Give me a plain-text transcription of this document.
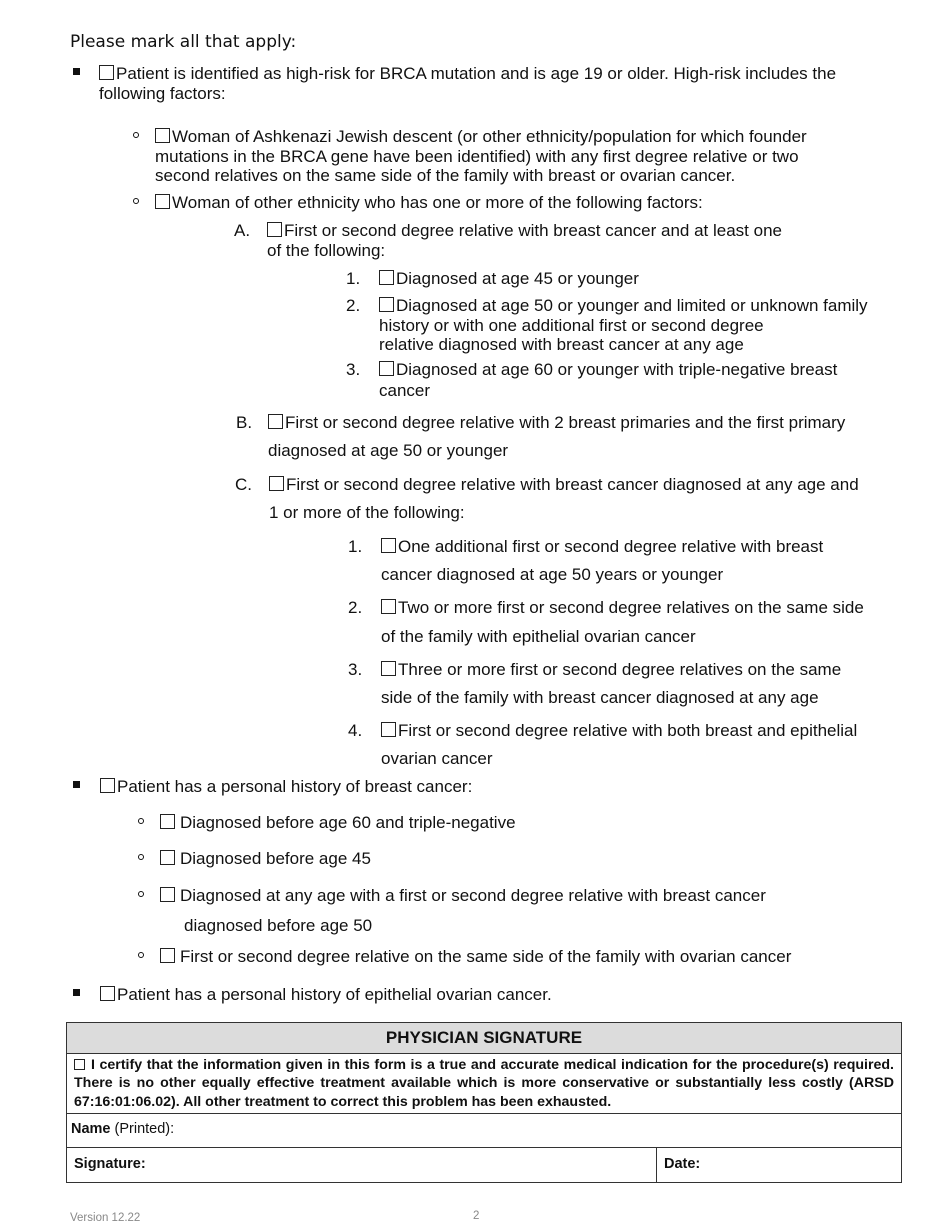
Please mark all that apply:
Patient is identified as high-risk for BRCA mutation and is age 19 or older. High-risk includes the
following factors:
Woman of Ashkenazi Jewish descent (or other ethnicity/population for which founder
mutations in the BRCA gene have been identified) with any first degree relative or two
second relatives on the same side of the family with breast or ovarian cancer.
Woman of other ethnicity who has one or more of the following factors:
A.	First or second degree relative with breast cancer and at least one
of the following:
1.	Diagnosed at age 45 or younger
2.	Diagnosed at age 50 or younger and limited or unknown family
history or with one additional first or second degree
relative diagnosed with breast cancer at any age
3.	Diagnosed at age 60 or younger with triple-negative breast
cancer
B.	First or second degree relative with 2 breast primaries and the first primary
diagnosed at age 50 or younger
C.	First or second degree relative with breast cancer diagnosed at any age and
1 or more of the following:
1.	One additional first or second degree relative with breast
cancer diagnosed at age 50 years or younger
2.	Two or more first or second degree relatives on the same side
of the family with epithelial ovarian cancer
3.	Three or more first or second degree relatives on the same
side of the family with breast cancer diagnosed at any age
4.	First or second degree relative with both breast and epithelial
ovarian cancer
Patient has a personal history of breast cancer:
Diagnosed before age 60 and triple-negative
Diagnosed before age 45
Diagnosed at any age with a first or second degree relative with breast cancer
diagnosed before age 50
First or second degree relative on the same side of the family with ovarian cancer
Patient has a personal history of epithelial ovarian cancer.
PHYSICIAN SIGNATURE
I certify that the information given in this form is a true and accurate medical indication for the procedure(s) required. There is no other equally effective treatment available which is more conservative or substantially less costly (ARSD 67:16:01:06.02). All other treatment to correct this problem has been exhausted.
Name (Printed):
Signature:	Date:
Version 12.22	2
